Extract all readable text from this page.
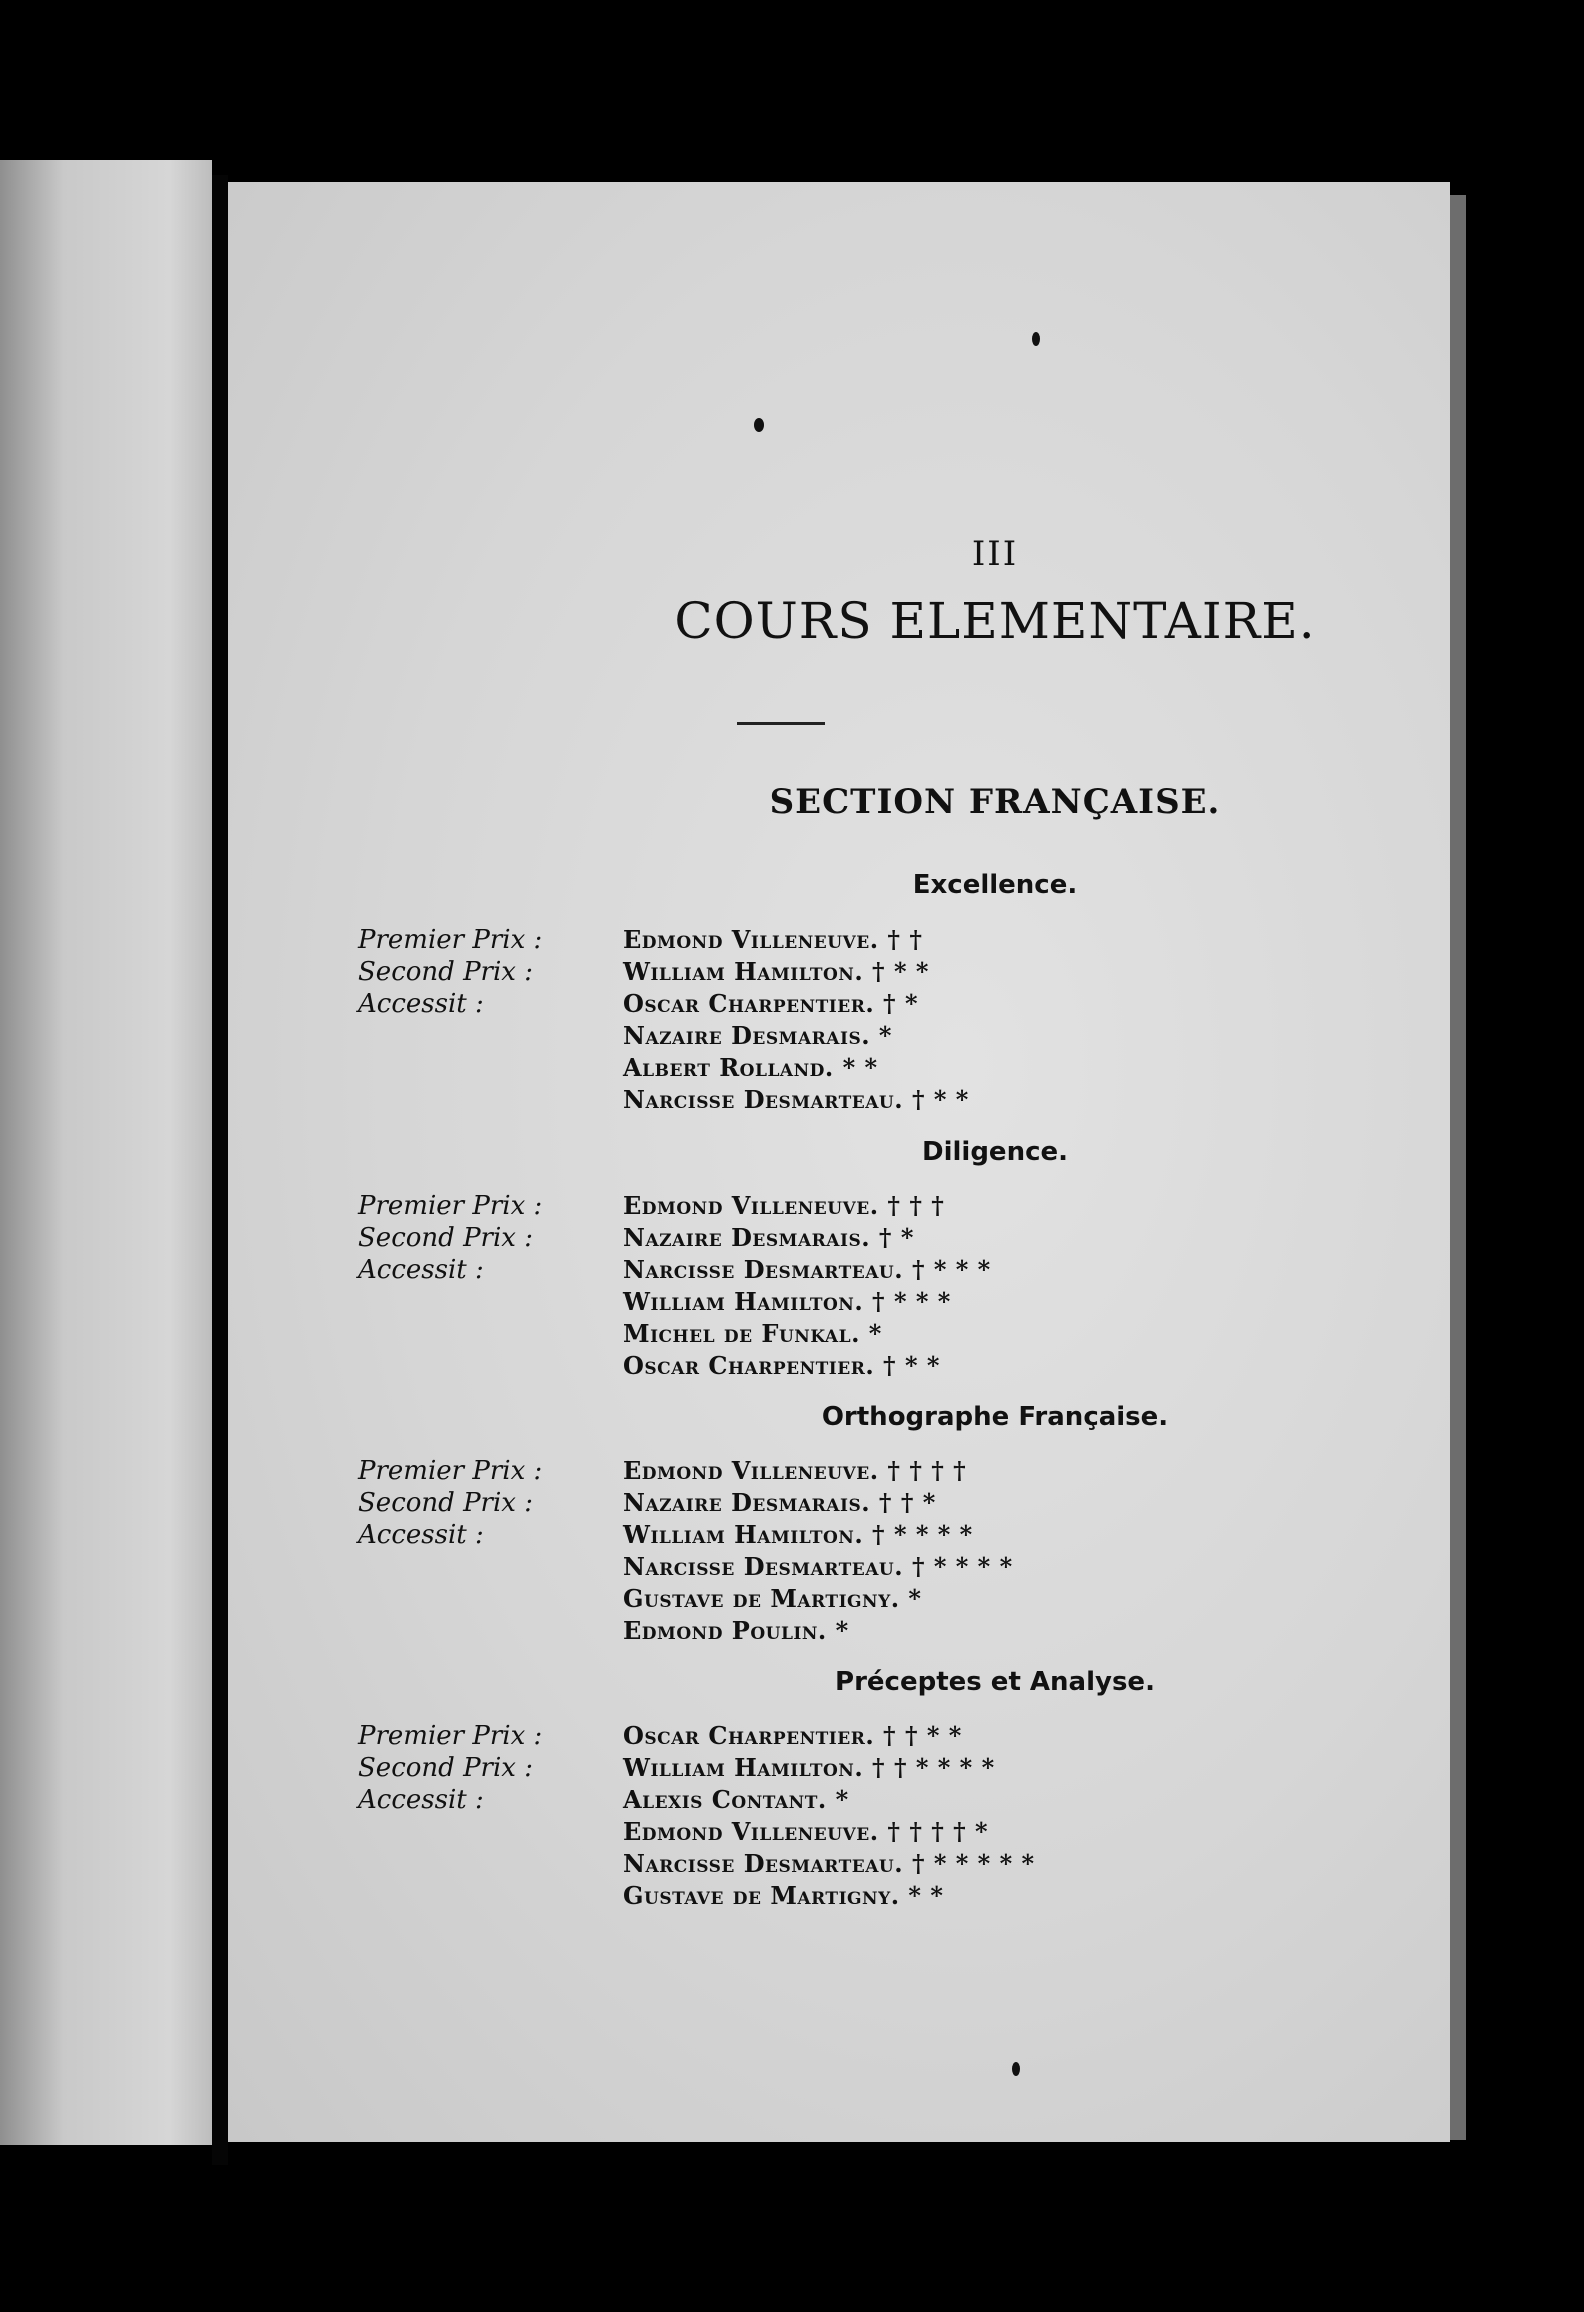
III
COURS ELEMENTAIRE.
SECTION FRANÇAISE.
Excellence.
Premier Prix :	Edmond Villeneuve. † †
Second Prix :	William Hamilton. † * *
Accessit :	Oscar Charpentier. † *
Nazaire Desmarais. *
Albert Rolland. * *
Narcisse Desmarteau. † * *
Diligence.
Premier Prix :	Edmond Villeneuve. † † †
Second Prix :	Nazaire Desmarais. † *
Accessit :	Narcisse Desmarteau. † * * *
William Hamilton. † * * *
Michel de Funkal. *
Oscar Charpentier. † * *
Orthographe Française.
Premier Prix :	Edmond Villeneuve. † † † †
Second Prix :	Nazaire Desmarais. † † *
Accessit :	William Hamilton. † * * * *
Narcisse Desmarteau. † * * * *
Gustave de Martigny. *
Edmond Poulin. *
Préceptes et Analyse.
Premier Prix :	Oscar Charpentier. † † * *
Second Prix :	William Hamilton. † † * * * *
Accessit :	Alexis Contant. *
Edmond Villeneuve. † † † † *
Narcisse Desmarteau. † * * * * *
Gustave de Martigny. * *
